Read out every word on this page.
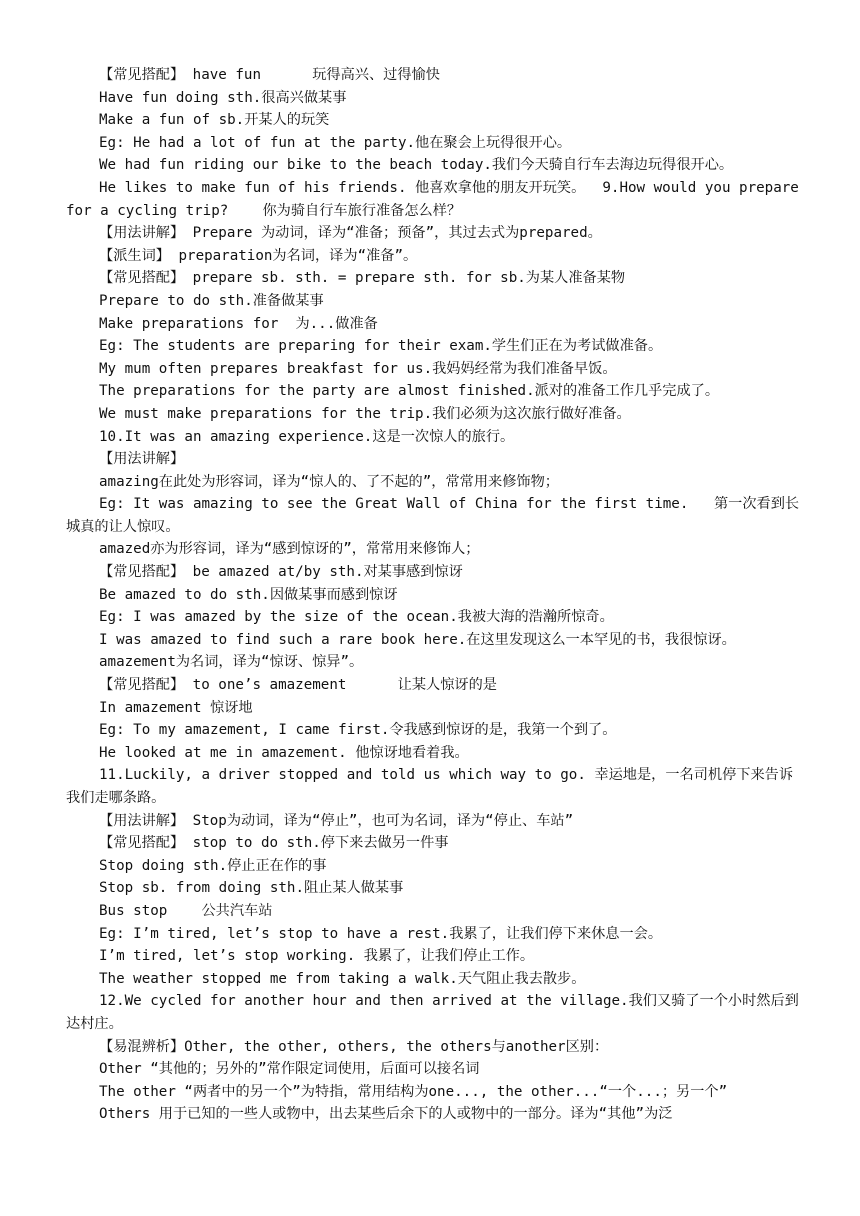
【常见搭配】 have fun      玩得高兴、过得愉快
Have fun doing sth.很高兴做某事
Make a fun of sb.开某人的玩笑
Eg: He had a lot of fun at the party.他在聚会上玩得很开心。
We had fun riding our bike to the beach today.我们今天骑自行车去海边玩得很开心。
He likes to make fun of his friends. 他喜欢拿他的朋友开玩笑。  9.How would you prepare for a cycling trip?    你为骑自行车旅行准备怎么样？
【用法讲解】 Prepare 为动词，译为“准备；预备”，其过去式为prepared。
【派生词】 preparation为名词，译为“准备”。
【常见搭配】 prepare sb. sth. = prepare sth. for sb.为某人准备某物
Prepare to do sth.准备做某事
Make preparations for  为...做准备
Eg: The students are preparing for their exam.学生们正在为考试做准备。
My mum often prepares breakfast for us.我妈妈经常为我们准备早饭。
The preparations for the party are almost finished.派对的准备工作几乎完成了。
We must make preparations for the trip.我们必须为这次旅行做好准备。
10.It was an amazing experience.这是一次惊人的旅行。
【用法讲解】
amazing在此处为形容词，译为“惊人的、了不起的”，常常用来修饰物；
Eg: It was amazing to see the Great Wall of China for the first time.   第一次看到长城真的让人惊叹。
amazed亦为形容词，译为“感到惊讶的”，常常用来修饰人；
【常见搭配】 be amazed at/by sth.对某事感到惊讶
Be amazed to do sth.因做某事而感到惊讶
Eg: I was amazed by the size of the ocean.我被大海的浩瀚所惊奇。
I was amazed to find such a rare book here.在这里发现这么一本罕见的书，我很惊讶。
amazement为名词，译为“惊讶、惊异”。
【常见搭配】 to one’s amazement      让某人惊讶的是
In amazement 惊讶地
Eg: To my amazement, I came first.令我感到惊讶的是，我第一个到了。
He looked at me in amazement. 他惊讶地看着我。
11.Luckily, a driver stopped and told us which way to go. 幸运地是，一名司机停下来告诉我们走哪条路。
【用法讲解】 Stop为动词，译为“停止”，也可为名词，译为“停止、车站”
【常见搭配】 stop to do sth.停下来去做另一件事
Stop doing sth.停止正在作的事
Stop sb. from doing sth.阻止某人做某事
Bus stop    公共汽车站
Eg: I’m tired, let’s stop to have a rest.我累了，让我们停下来休息一会。
I’m tired, let’s stop working. 我累了，让我们停止工作。
The weather stopped me from taking a walk.天气阻止我去散步。
12.We cycled for another hour and then arrived at the village.我们又骑了一个小时然后到达村庄。
【易混辨析】Other, the other, others, the others与another区别：
Other “其他的；另外的”常作限定词使用，后面可以接名词
The other “两者中的另一个”为特指，常用结构为one..., the other...“一个...；另一个”
Others 用于已知的一些人或物中，出去某些后余下的人或物中的一部分。译为“其他”为泛
